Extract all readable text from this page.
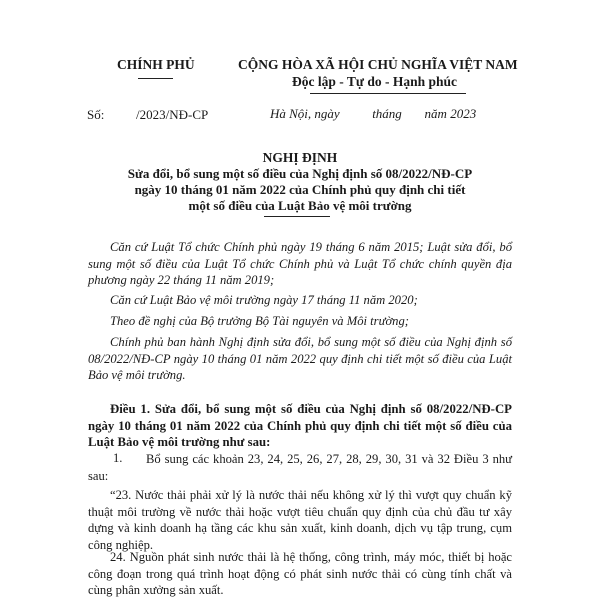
CHÍNH PHỦ	CỘNG HÒA XÃ HỘI CHỦ NGHĨA VIỆT NAM
Độc lập - Tự do - Hạnh phúc
Số: /2023/NĐ-CP	Hà Nội, ngày          tháng       năm 2023
NGHỊ ĐỊNH
Sửa đổi, bổ sung một số điều của Nghị định số 08/2022/NĐ-CP
ngày 10 tháng 01 năm 2022 của Chính phủ quy định chi tiết
một số điều của Luật Bảo vệ môi trường
Căn cứ Luật Tổ chức Chính phủ ngày 19 tháng 6 năm 2015; Luật sửa đổi, bổ sung một số điều của Luật Tổ chức Chính phủ và Luật Tổ chức chính quyền địa phương ngày 22 tháng 11 năm 2019;
Căn cứ Luật Bảo vệ môi trường ngày 17 tháng 11 năm 2020;
Theo đề nghị của Bộ trưởng Bộ Tài nguyên và Môi trường;
Chính phủ ban hành Nghị định sửa đổi, bổ sung một số điều của Nghị định số 08/2022/NĐ-CP ngày 10 tháng 01 năm 2022 quy định chi tiết một số điều của Luật Bảo vệ môi trường.
Điều 1. Sửa đổi, bổ sung một số điều của Nghị định số 08/2022/NĐ-CP ngày 10 tháng 01 năm 2022 của Chính phủ quy định chi tiết một số điều của Luật Bảo vệ môi trường như sau:
1.	Bổ sung các khoản 23, 24, 25, 26, 27, 28, 29, 30, 31 và 32 Điều 3 như sau:
“23. Nước thải phải xử lý là nước thải nếu không xử lý thì vượt quy chuẩn kỹ thuật môi trường về nước thải hoặc vượt tiêu chuẩn quy định của chủ đầu tư xây dựng và kinh doanh hạ tầng các khu sản xuất, kinh doanh, dịch vụ tập trung, cụm công nghiệp.
24. Nguồn phát sinh nước thải là hệ thống, công trình, máy móc, thiết bị hoặc công đoạn trong quá trình hoạt động có phát sinh nước thải có cùng tính chất và cùng phân xưởng sản xuất.
